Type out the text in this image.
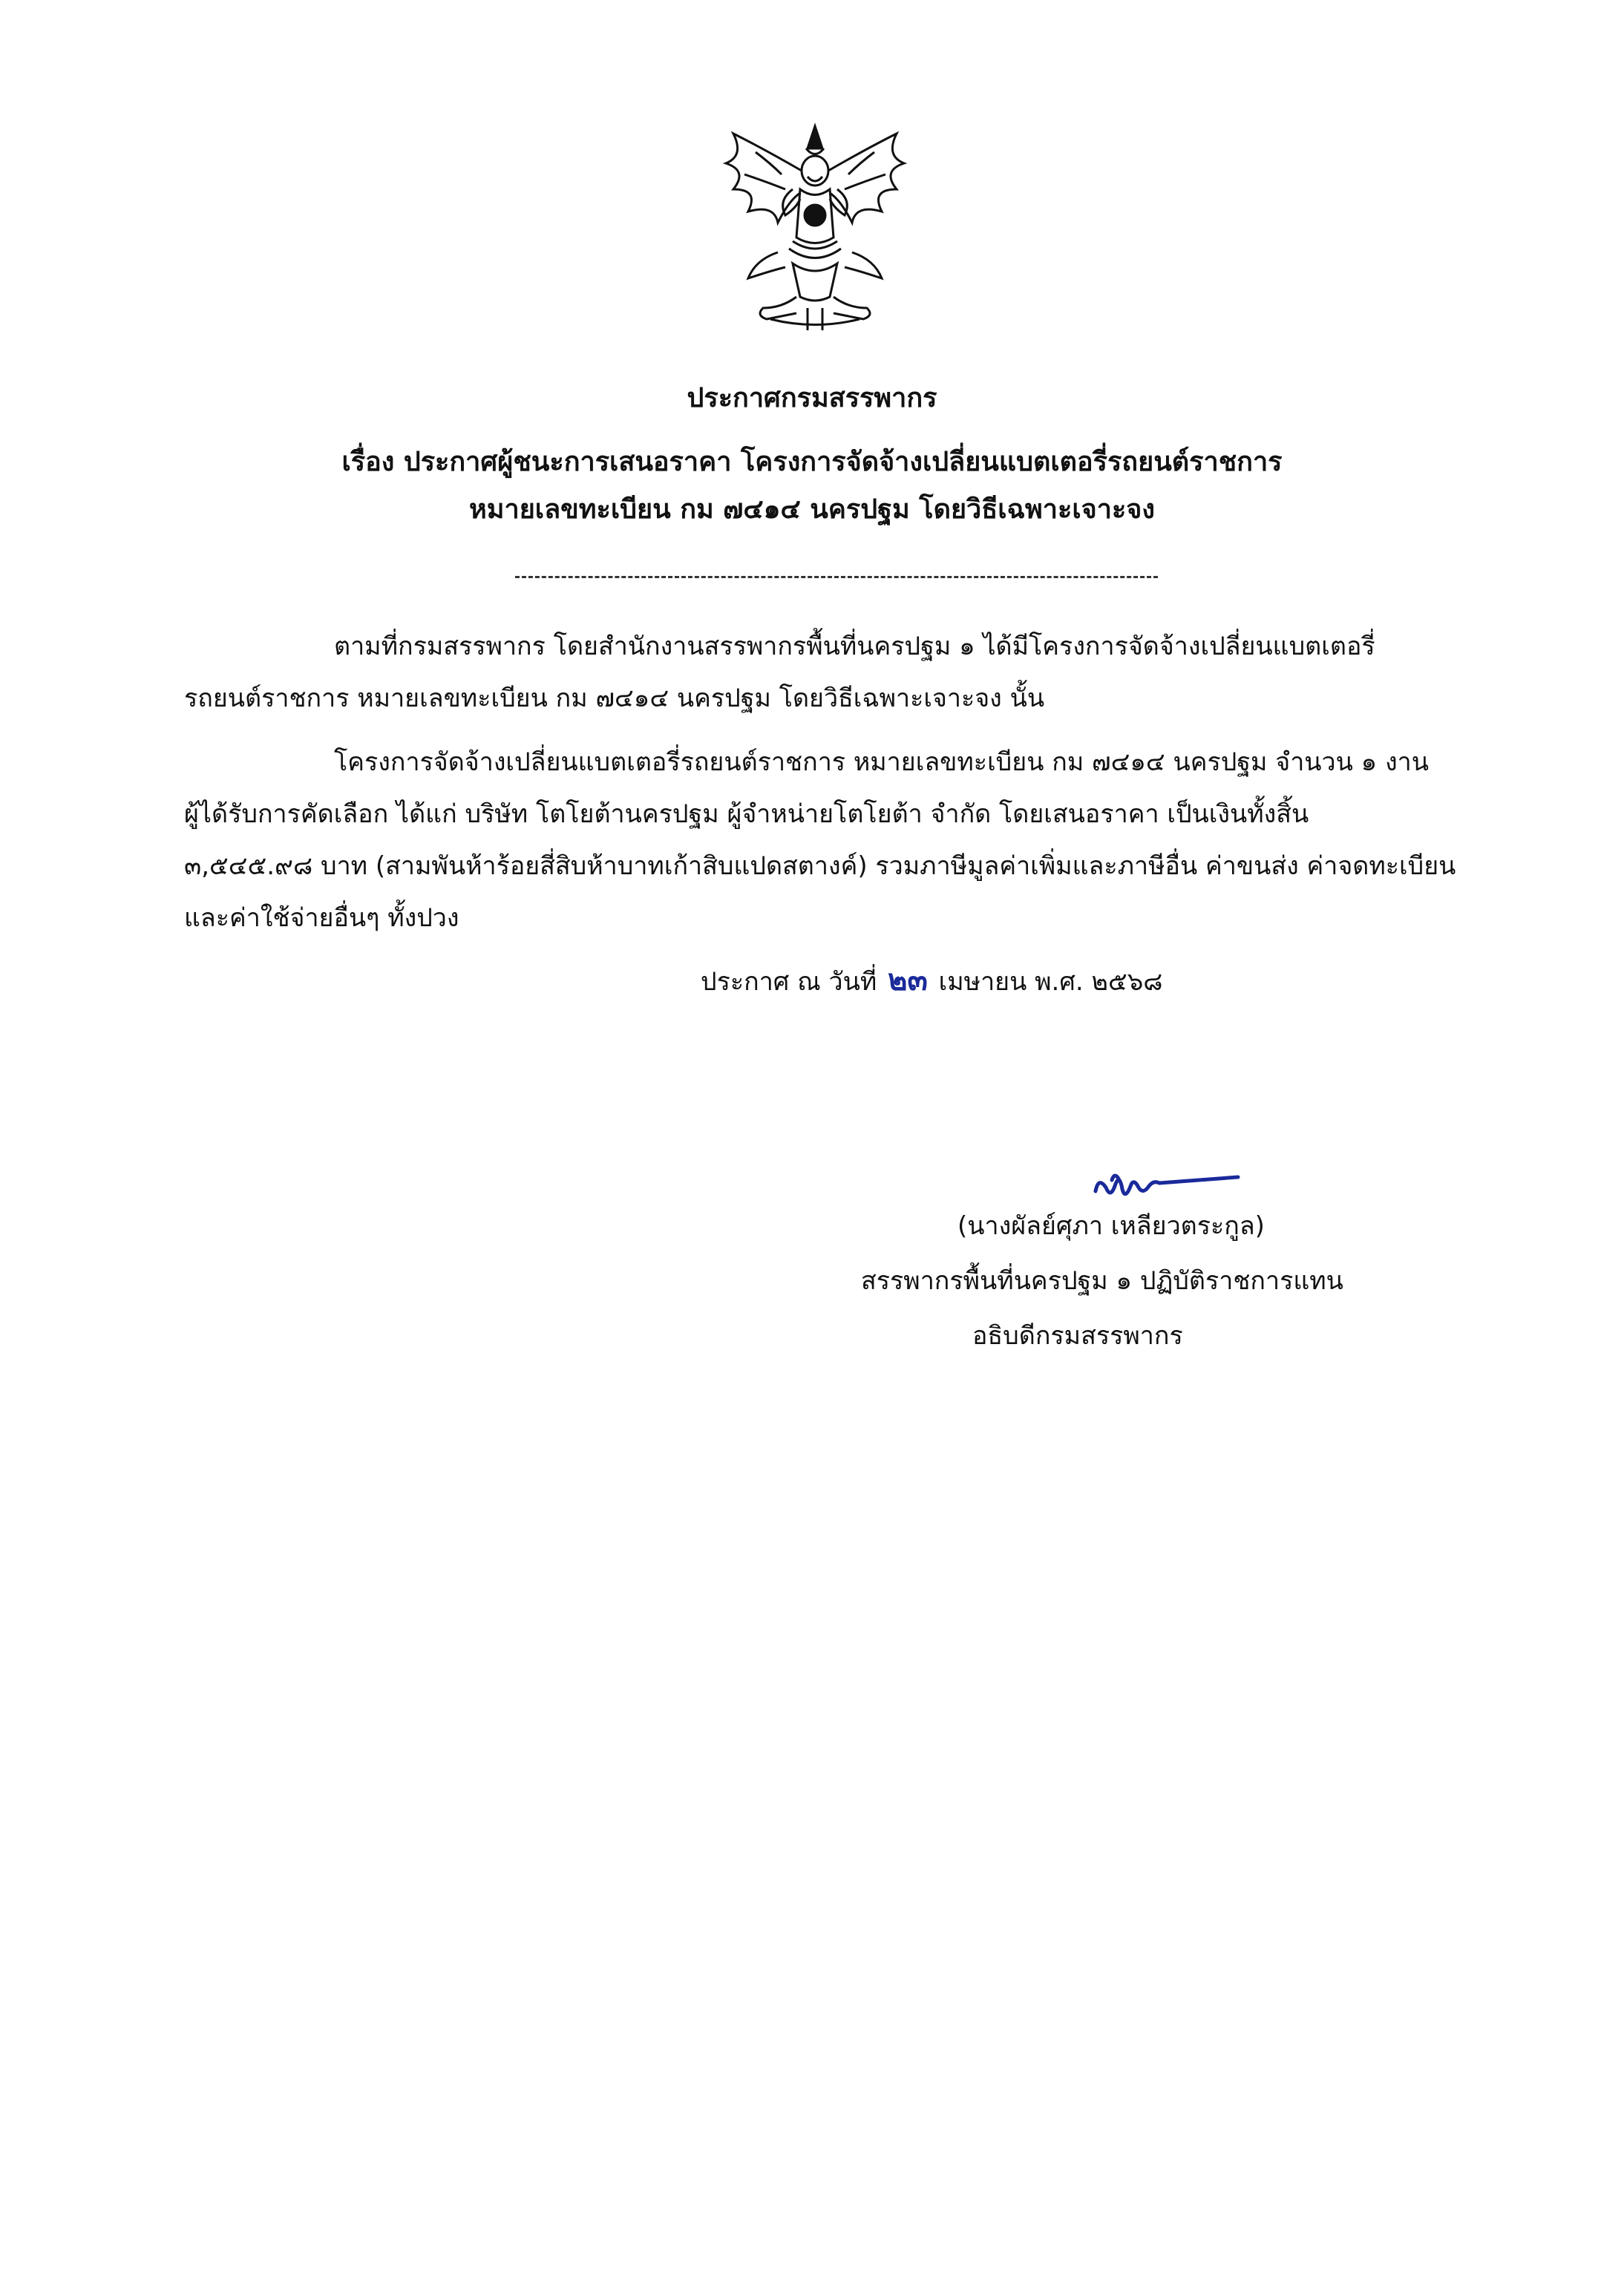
ประกาศกรมสรรพากร
เรื่อง ประกาศผู้ชนะการเสนอราคา โครงการจัดจ้างเปลี่ยนแบตเตอรี่รถยนต์ราชการ
หมายเลขทะเบียน กม ๗๔๑๔ นครปฐม โดยวิธีเฉพาะเจาะจง
ตามที่กรมสรรพากร โดยสำนักงานสรรพากรพื้นที่นครปฐม ๑ ได้มีโครงการจัดจ้างเปลี่ยนแบตเตอรี่
รถยนต์ราชการ หมายเลขทะเบียน กม ๗๔๑๔ นครปฐม โดยวิธีเฉพาะเจาะจง นั้น
โครงการจัดจ้างเปลี่ยนแบตเตอรี่รถยนต์ราชการ หมายเลขทะเบียน กม ๗๔๑๔ นครปฐม จำนวน ๑ งาน
ผู้ได้รับการคัดเลือก ได้แก่ บริษัท โตโยต้านครปฐม ผู้จำหน่ายโตโยต้า จำกัด โดยเสนอราคา เป็นเงินทั้งสิ้น
๓,๕๔๕.๙๘ บาท (สามพันห้าร้อยสี่สิบห้าบาทเก้าสิบแปดสตางค์) รวมภาษีมูลค่าเพิ่มและภาษีอื่น ค่าขนส่ง ค่าจดทะเบียน
และค่าใช้จ่ายอื่นๆ ทั้งปวง
ประกาศ ณ วันที่ ๒๓ เมษายน พ.ศ. ๒๕๖๘
(นางผัลย์ศุภา เหลียวตระกูล)
สรรพากรพื้นที่นครปฐม ๑ ปฏิบัติราชการแทน
อธิบดีกรมสรรพากร
